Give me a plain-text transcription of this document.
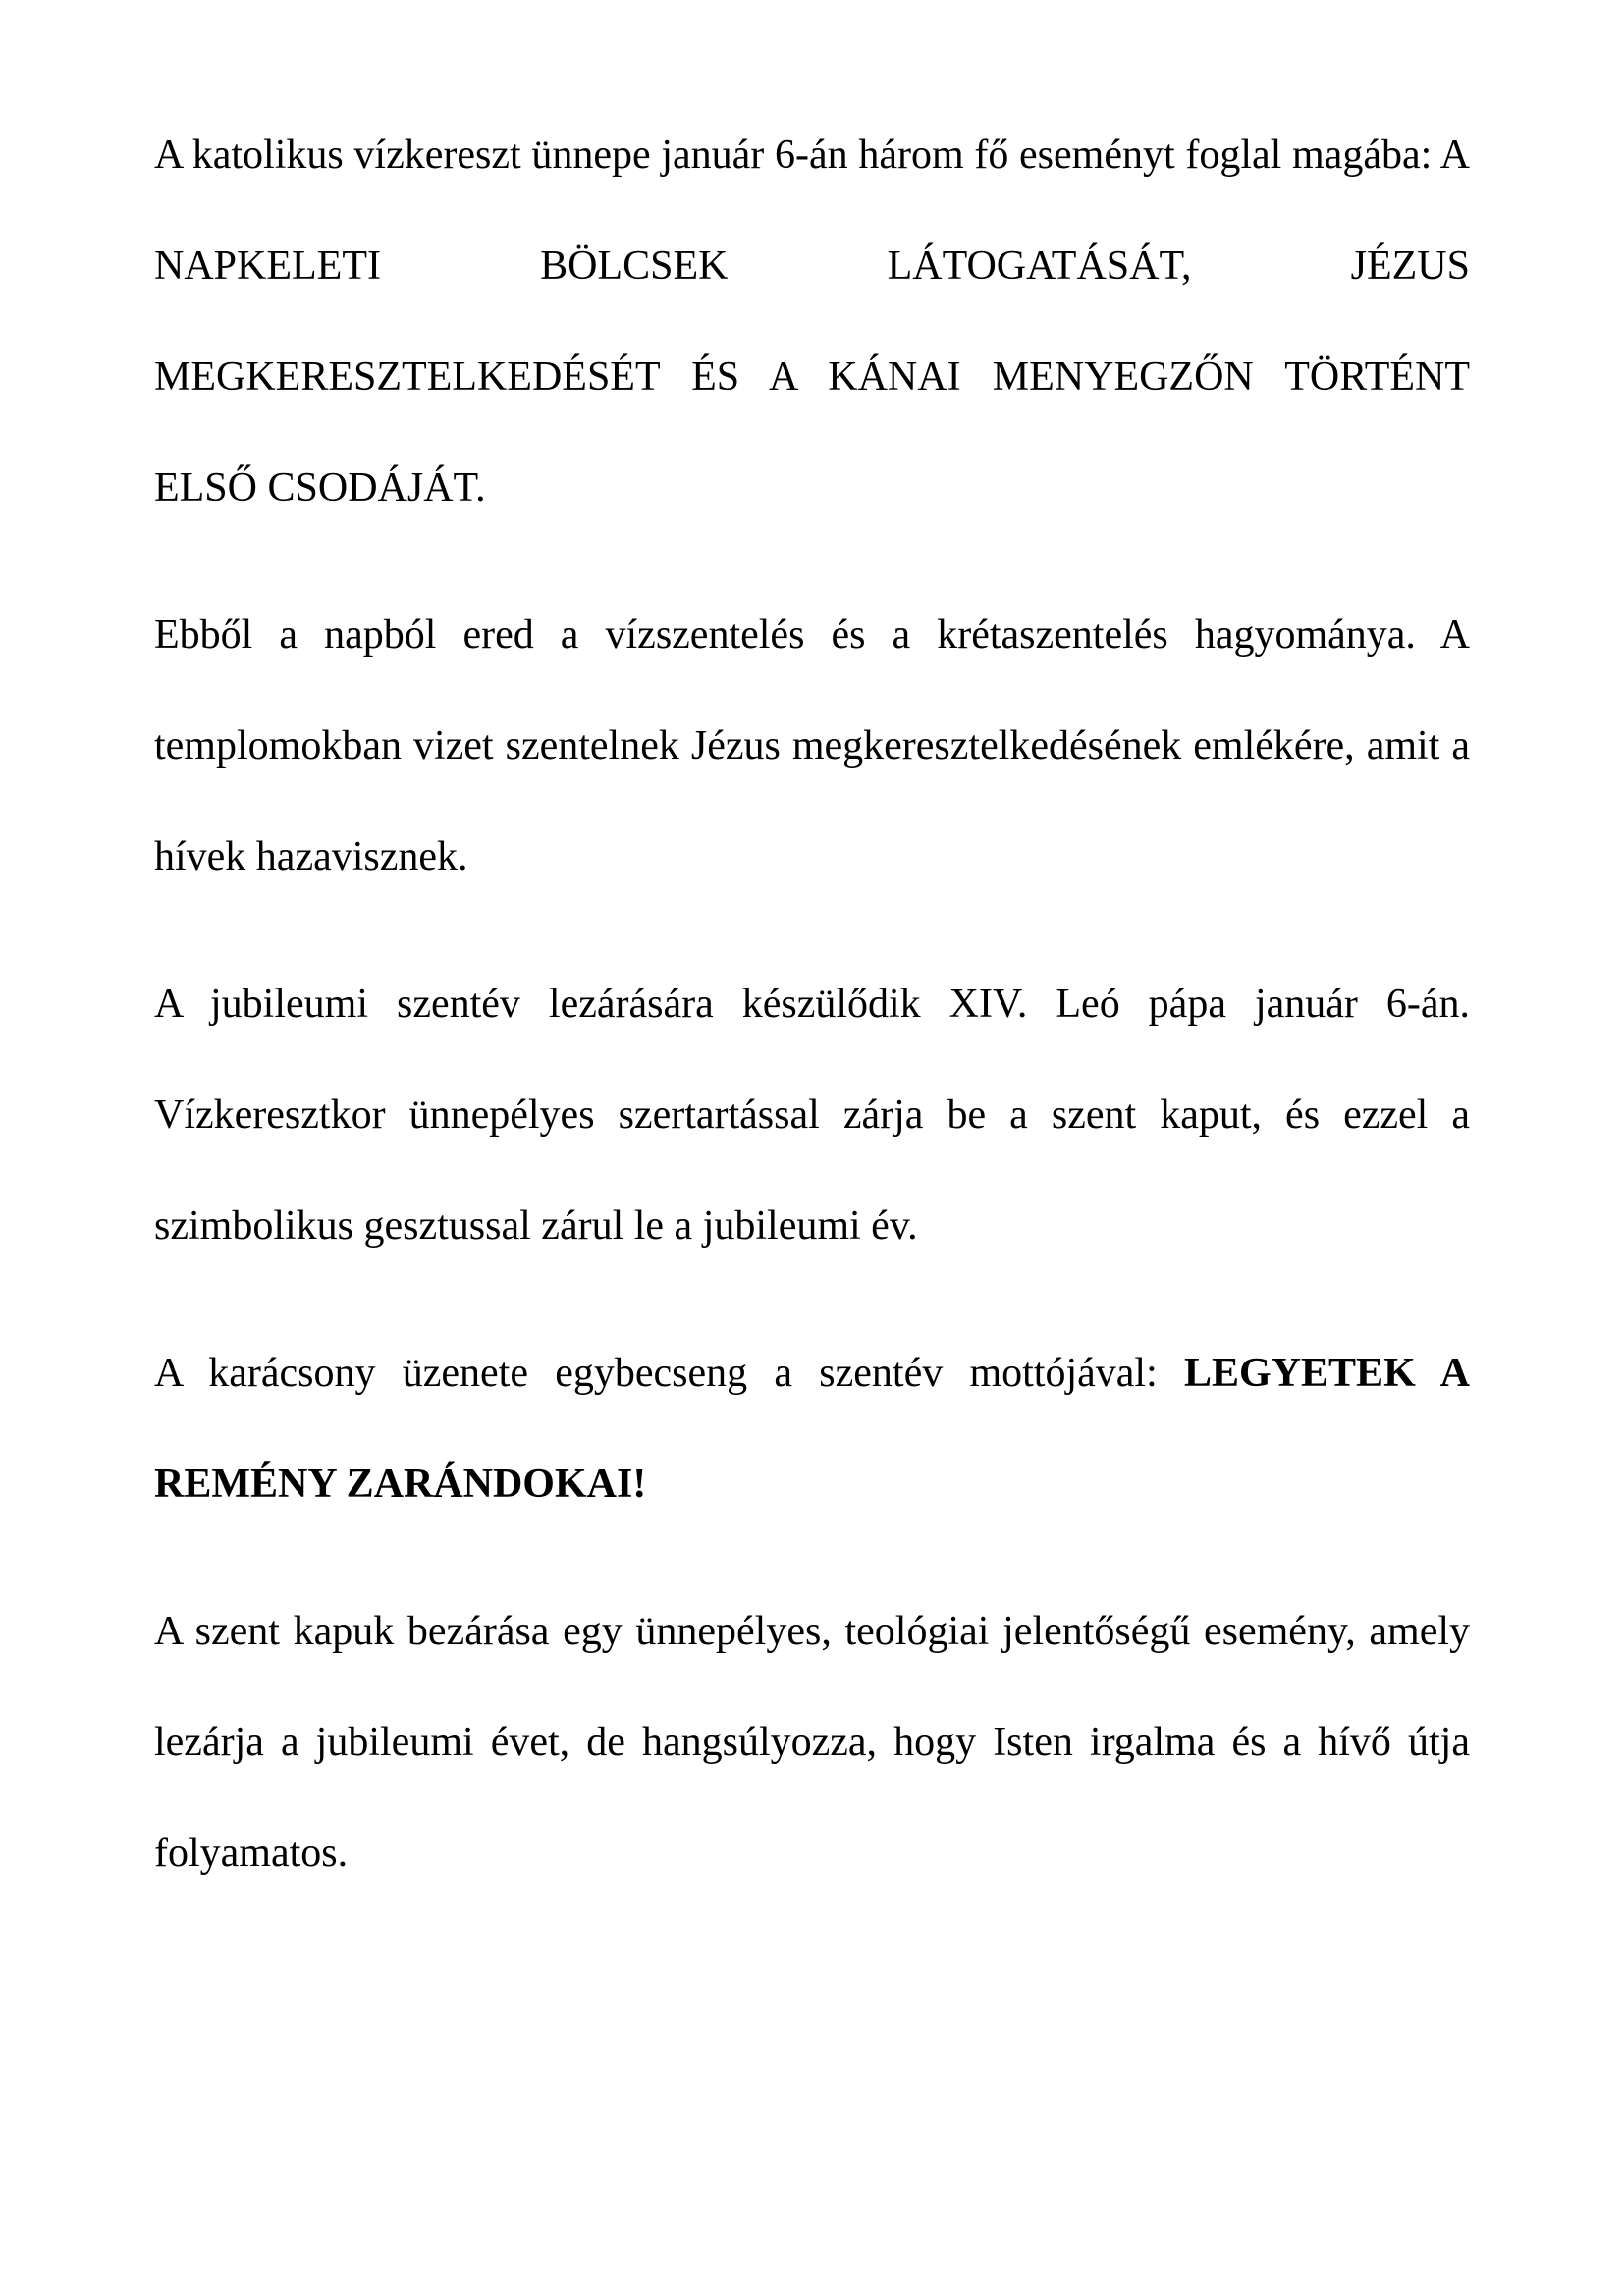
A katolikus vízkereszt ünnepe január 6-án három fő eseményt foglal magába: A NAPKELETI BÖLCSEK LÁTOGATÁSÁT, JÉZUS MEGKERESZTELKEDÉSÉT ÉS A KÁNAI MENYEGZŐN TÖRTÉNT ELSŐ CSODÁJÁT.

Ebből a napból ered a vízszentelés és a krétaszentelés hagyománya. A templomokban vizet szentelnek Jézus megkeresztelkedésének emlékére, amit a hívek hazavisznek.

A jubileumi szentév lezárására készülődik XIV. Leó pápa január 6-án. Vízkeresztkor ünnepélyes szertartással zárja be a szent kaput, és ezzel a szimbolikus gesztussal zárul le a jubileumi év.

A karácsony üzenete egybecseng a szentév mottójával: LEGYETEK A REMÉNY ZARÁNDOKAI!

A szent kapuk bezárása egy ünnepélyes, teológiai jelentőségű esemény, amely lezárja a jubileumi évet, de hangsúlyozza, hogy Isten irgalma és a hívő útja folyamatos.
